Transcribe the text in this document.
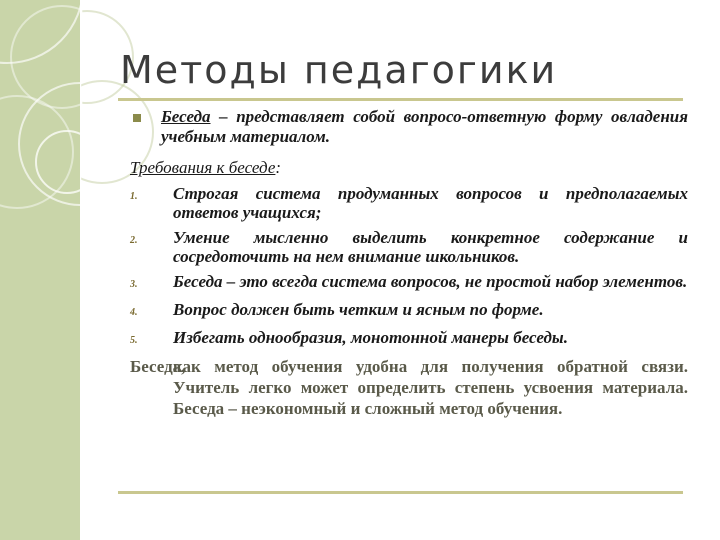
Методы педагогики
Беседа – представляет собой вопросо-ответную форму овладения учебным материалом.
Требования к беседе:
1.	Строгая система продуманных вопросов и предполагаемых ответов учащихся;
2.	Умение мысленно выделить конкретное содержание и сосредоточить на нем внимание школьников.
3.	Беседа – это всегда система вопросов, не простой набор элементов.
4.	Вопрос должен быть четким и ясным по форме.
5.	Избегать однообразия, монотонной манеры беседы.
Беседа,
как метод обучения удобна для получения обратной связи. Учитель легко может определить степень усвоения материала. Беседа – неэкономный и сложный метод обучения.
